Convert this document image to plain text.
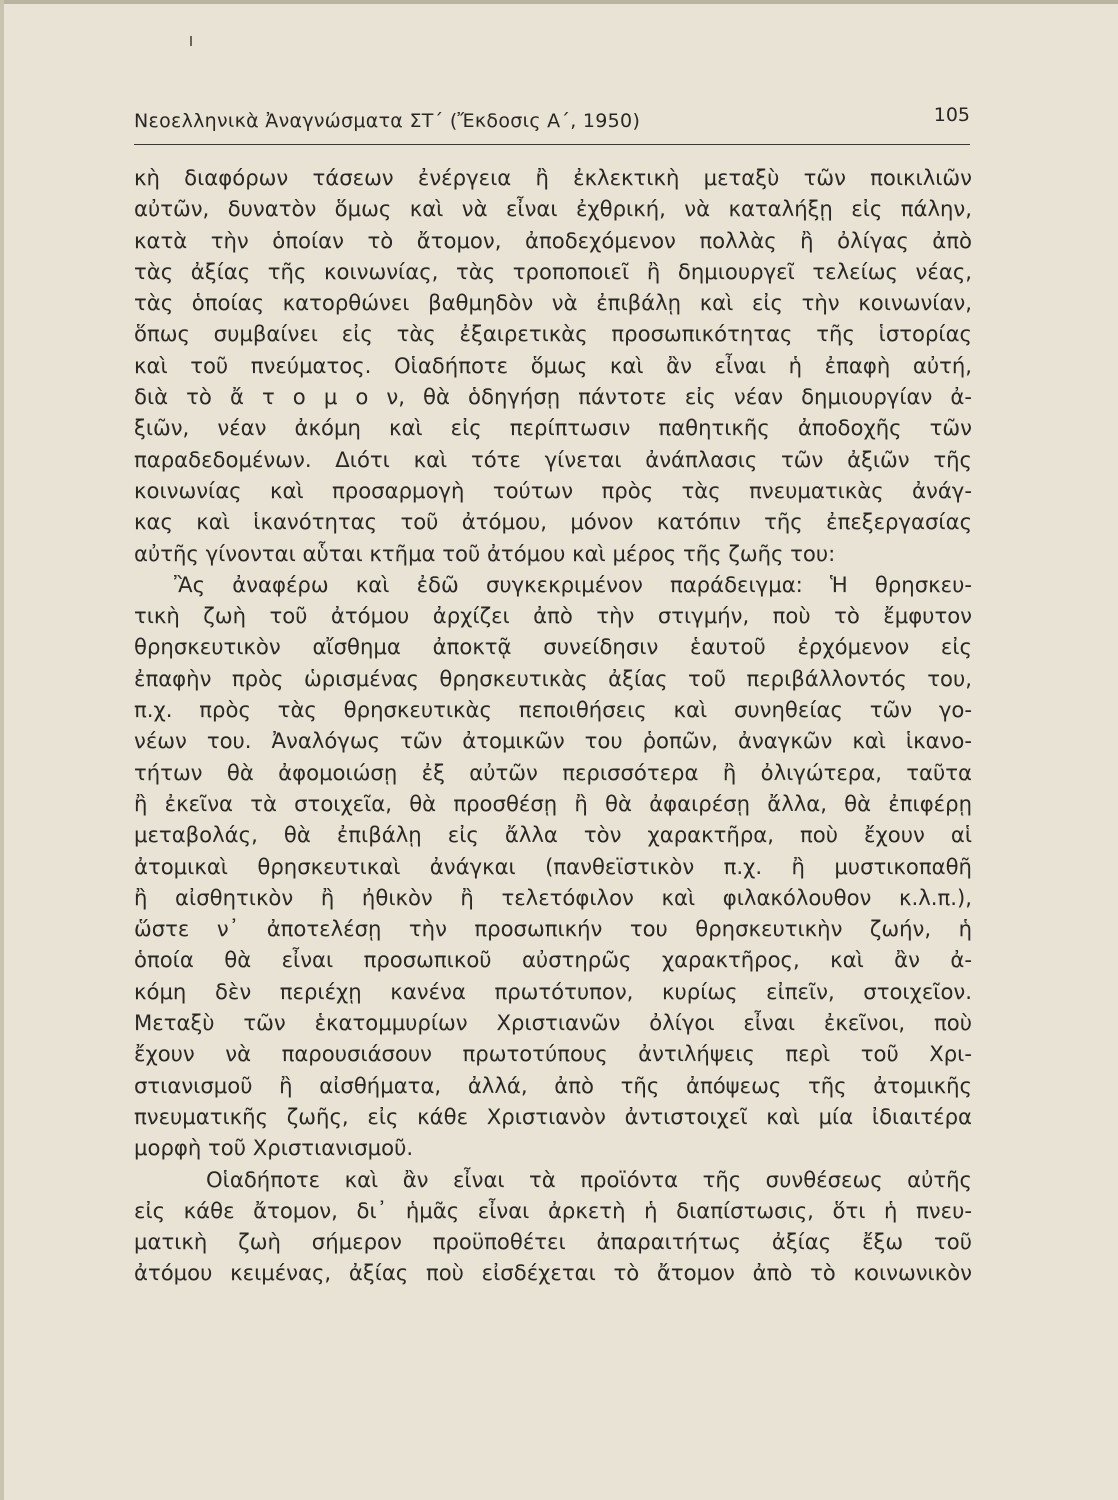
Νεοελληνικὰ Ἀναγνώσματα ΣΤ΄ (Ἔκδοσις Α΄, 1950)	105
κὴ διαφόρων τάσεων ἐνέργεια ἢ ἐκλεκτικὴ μεταξὺ τῶν ποικιλιῶν
αὐτῶν, δυνατὸν ὅμως καὶ νὰ εἶναι ἐχθρική, νὰ καταλήξῃ εἰς πάλην,
κατὰ τὴν ὁποίαν τὸ ἄτομον, ἀποδεχόμενον πολλὰς ἢ ὀλίγας ἀπὸ
τὰς ἀξίας τῆς κοινωνίας, τὰς τροποποιεῖ ἢ δημιουργεῖ τελείως νέας,
τὰς ὁποίας κατορθώνει βαθμηδὸν νὰ ἐπιβάλῃ καὶ εἰς τὴν κοινωνίαν,
ὅπως συμβαίνει εἰς τὰς ἐξαιρετικὰς προσωπικότητας τῆς ἱστορίας
καὶ τοῦ πνεύματος. Οἱαδήποτε ὅμως καὶ ἂν εἶναι ἡ ἐπαφὴ αὐτή,
διὰ τὸ ἄ τ ο μ ο ν, θὰ ὁδηγήσῃ πάντοτε εἰς νέαν δημιουργίαν ἀ-
ξιῶν, νέαν ἀκόμη καὶ εἰς περίπτωσιν παθητικῆς ἀποδοχῆς τῶν
παραδεδομένων. Διότι καὶ τότε γίνεται ἀνάπλασις τῶν ἀξιῶν τῆς
κοινωνίας καὶ προσαρμογὴ τούτων πρὸς τὰς πνευματικὰς ἀνάγ-
κας καὶ ἱκανότητας τοῦ ἀτόμου, μόνον κατόπιν τῆς ἐπεξεργασίας
αὐτῆς γίνονται αὗται κτῆμα τοῦ ἀτόμου καὶ μέρος τῆς ζωῆς του:
Ἂς ἀναφέρω καὶ ἐδῶ συγκεκριμένον παράδειγμα: Ἡ θρησκευ-
τικὴ ζωὴ τοῦ ἀτόμου ἀρχίζει ἀπὸ τὴν στιγμήν, ποὺ τὸ ἔμφυτον
θρησκευτικὸν αἴσθημα ἀποκτᾷ συνείδησιν ἑαυτοῦ ἐρχόμενον εἰς
ἐπαφὴν πρὸς ὡρισμένας θρησκευτικὰς ἀξίας τοῦ περιβάλλοντός του,
π.χ. πρὸς τὰς θρησκευτικὰς πεποιθήσεις καὶ συνηθείας τῶν γο-
νέων του. Ἀναλόγως τῶν ἀτομικῶν του ῥοπῶν, ἀναγκῶν καὶ ἱκανο-
τήτων θὰ ἀφομοιώσῃ ἐξ αὐτῶν περισσότερα ἢ ὀλιγώτερα, ταῦτα
ἢ ἐκεῖνα τὰ στοιχεῖα, θὰ προσθέσῃ ἢ θὰ ἀφαιρέσῃ ἄλλα, θὰ ἐπιφέρῃ
μεταβολάς, θὰ ἐπιβάλῃ εἰς ἄλλα τὸν χαρακτῆρα, ποὺ ἔχουν αἱ
ἀτομικαὶ θρησκευτικαὶ ἀνάγκαι (πανθεϊστικὸν π.χ. ἢ μυστικοπαθῆ
ἢ αἰσθητικὸν ἢ ἠθικὸν ἢ τελετόφιλον καὶ φιλακόλουθον κ.λ.π.),
ὥστε ν᾽ ἀποτελέσῃ τὴν προσωπικήν του θρησκευτικὴν ζωήν, ἡ
ὁποία θὰ εἶναι προσωπικοῦ αὐστηρῶς χαρακτῆρος, καὶ ἂν ἀ-
κόμη δὲν περιέχῃ κανένα πρωτότυπον, κυρίως εἰπεῖν, στοιχεῖον.
Μεταξὺ τῶν ἑκατομμυρίων Χριστιανῶν ὀλίγοι εἶναι ἐκεῖνοι, ποὺ
ἔχουν νὰ παρουσιάσουν πρωτοτύπους ἀντιλήψεις περὶ τοῦ Χρι-
στιανισμοῦ ἢ αἰσθήματα, ἀλλά, ἀπὸ τῆς ἀπόψεως τῆς ἀτομικῆς
πνευματικῆς ζωῆς, εἰς κάθε Χριστιανὸν ἀντιστοιχεῖ καὶ μία ἰδιαιτέρα
μορφὴ τοῦ Χριστιανισμοῦ.
Οἱαδήποτε καὶ ἂν εἶναι τὰ προϊόντα τῆς συνθέσεως αὐτῆς
εἰς κάθε ἄτομον, δι᾽ ἡμᾶς εἶναι ἀρκετὴ ἡ διαπίστωσις, ὅτι ἡ πνευ-
ματικὴ ζωὴ σήμερον προϋποθέτει ἀπαραιτήτως ἀξίας ἔξω τοῦ
ἀτόμου κειμένας, ἀξίας ποὺ εἰσδέχεται τὸ ἄτομον ἀπὸ τὸ κοινωνικὸν
